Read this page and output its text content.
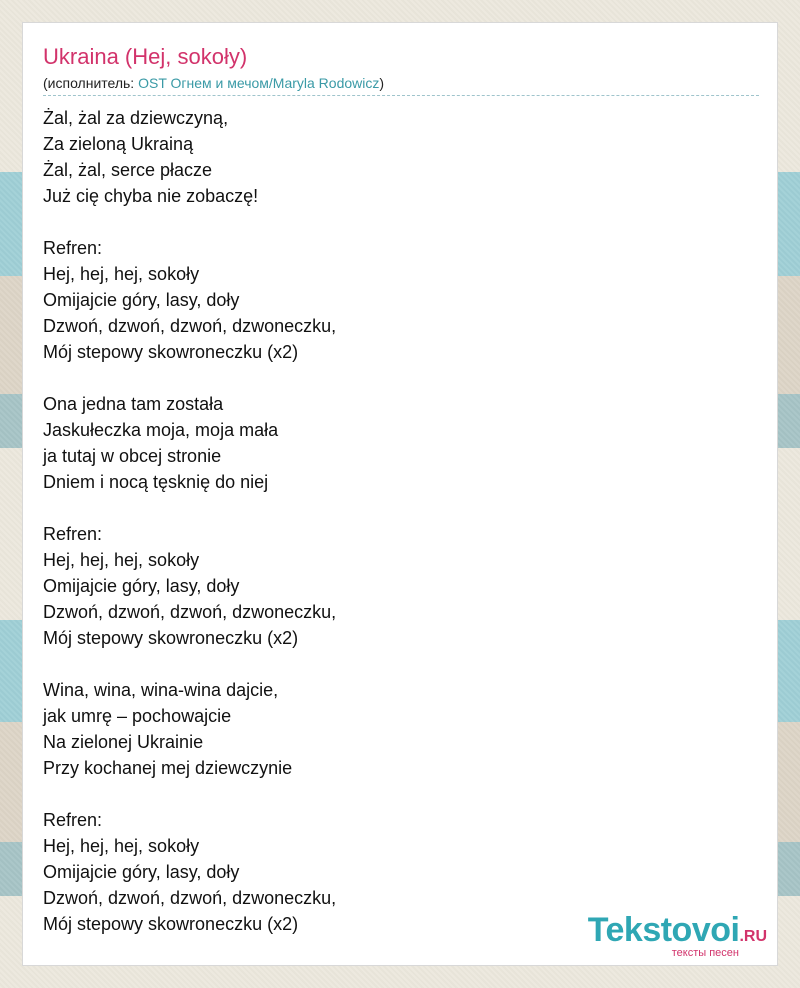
Ukraina (Hej, sokoły)
(исполнитель: OST Огнем и мечом/Maryla Rodowicz)
Żal, żal za dziewczyną,
Za zieloną Ukrainą
Żal, żal, serce płacze
Już cię chyba nie zobaczę!
Refren:
Hej, hej, hej, sokoły
Omijajcie góry, lasy, doły
Dzwoń, dzwoń, dzwoń, dzwoneczku,
Mój stepowy skowroneczku (x2)
Ona jedna tam została
Jaskułeczka moja, moja mała
ja tutaj w obcej stronie
Dniem i nocą tęsknię do niej
Refren:
Hej, hej, hej, sokoły
Omijajcie góry, lasy, doły
Dzwoń, dzwoń, dzwoń, dzwoneczku,
Mój stepowy skowroneczku (x2)
Wina, wina, wina-wina dajcie,
jak umrę – pochowajcie
Na zielonej Ukrainie
Przy kochanej mej dziewczynie
Refren:
Hej, hej, hej, sokoły
Omijajcie góry, lasy, doły
Dzwoń, dzwoń, dzwoń, dzwoneczku,
Mój stepowy skowroneczku (x2)	Tekstovoi.RU
тексты песен
